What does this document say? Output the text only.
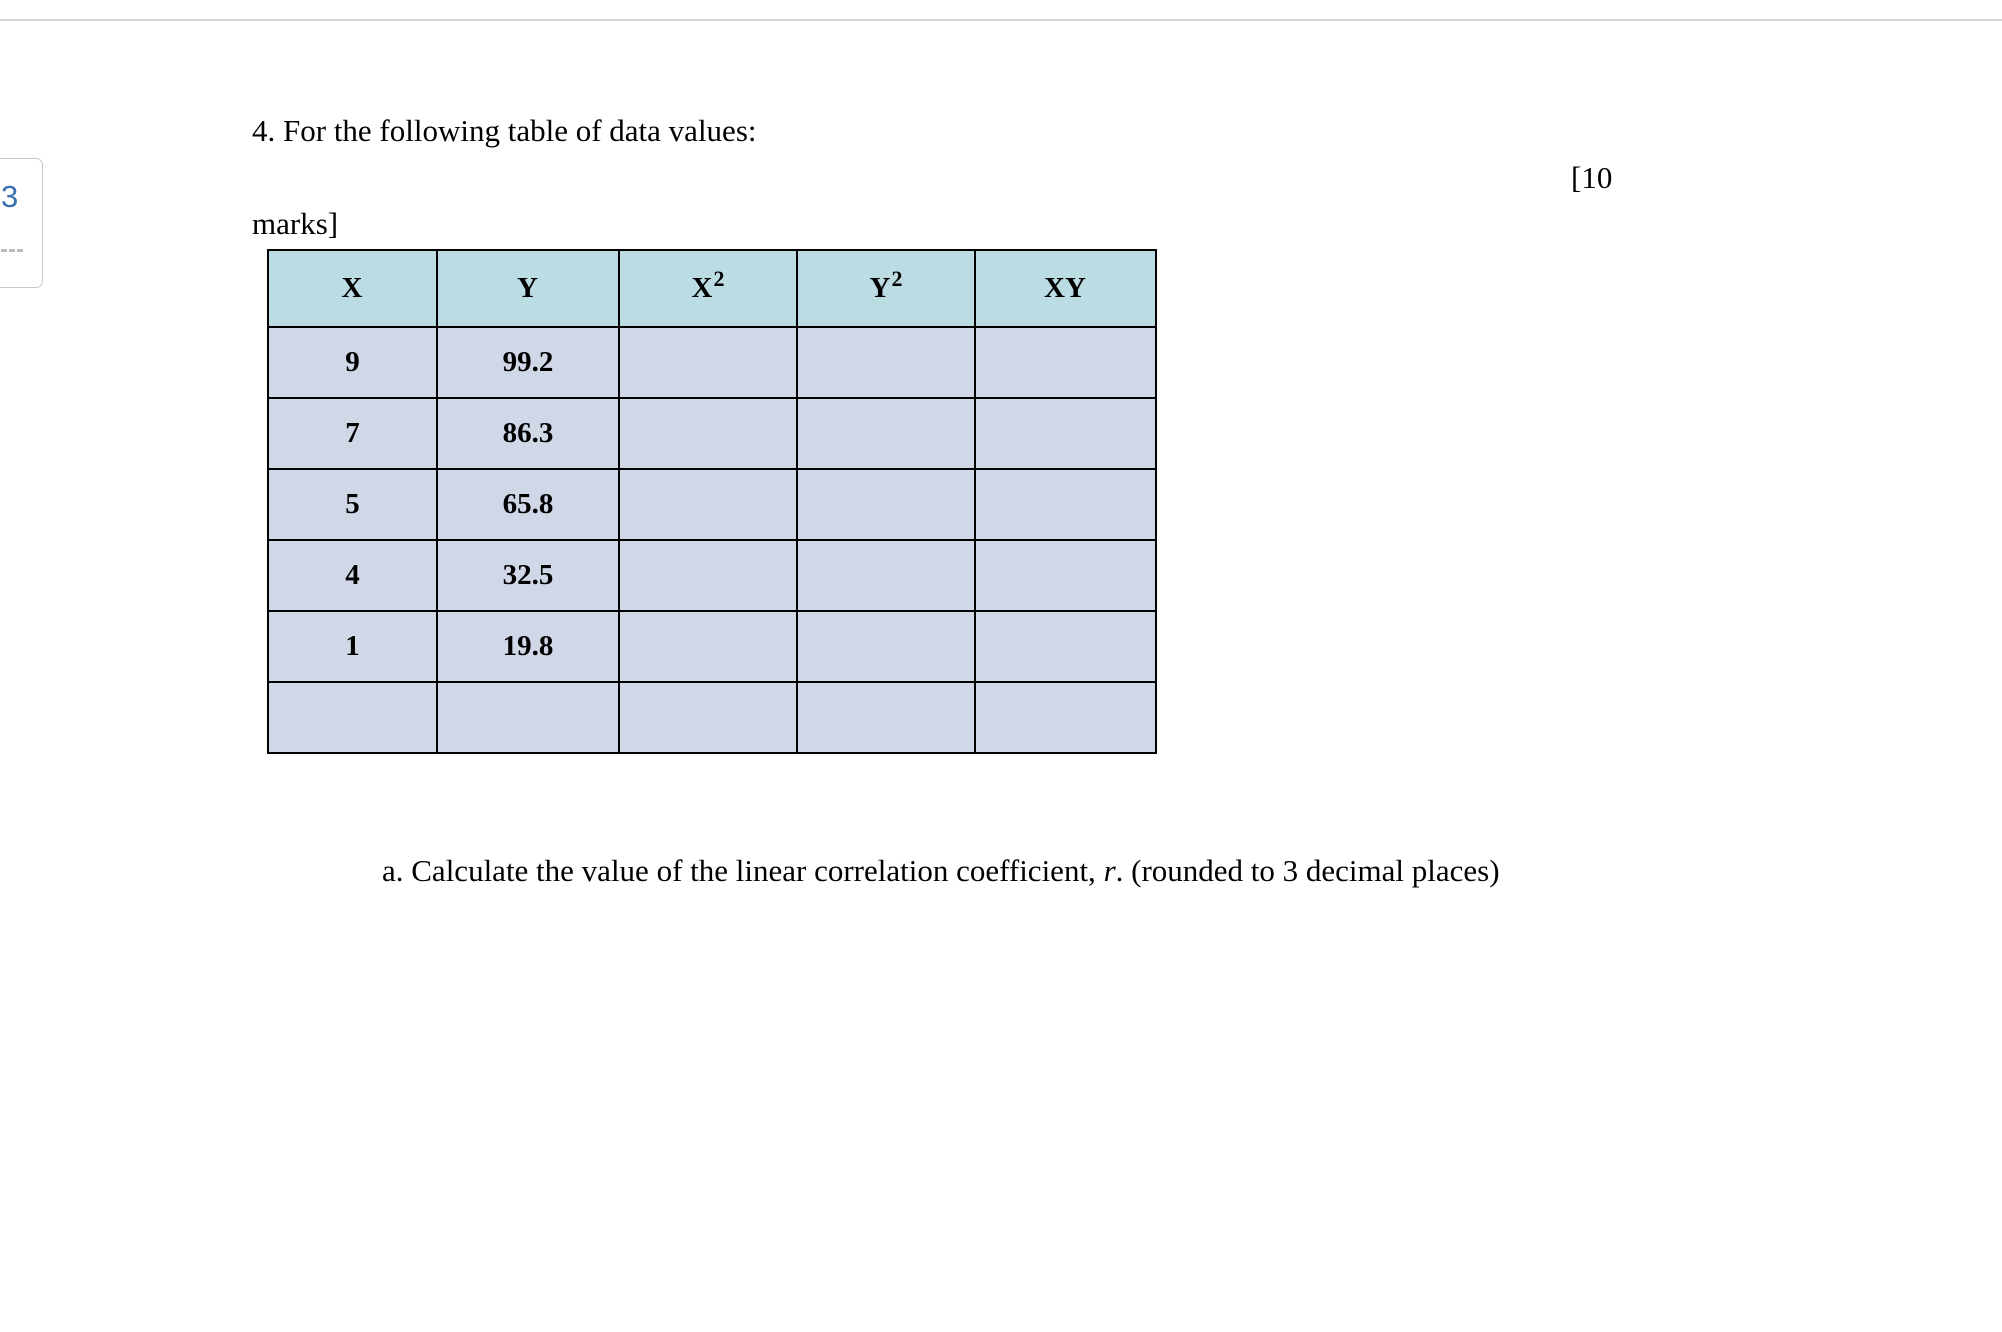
3
4. For the following table of data values:
[10
marks]
X	Y	$X^2$	$Y^2$	XY
9	99.2			
7	86.3			
5	65.8			
4	32.5			
1	19.8			

a. Calculate the value of the linear correlation coefficient, r. (rounded to 3 decimal places)
